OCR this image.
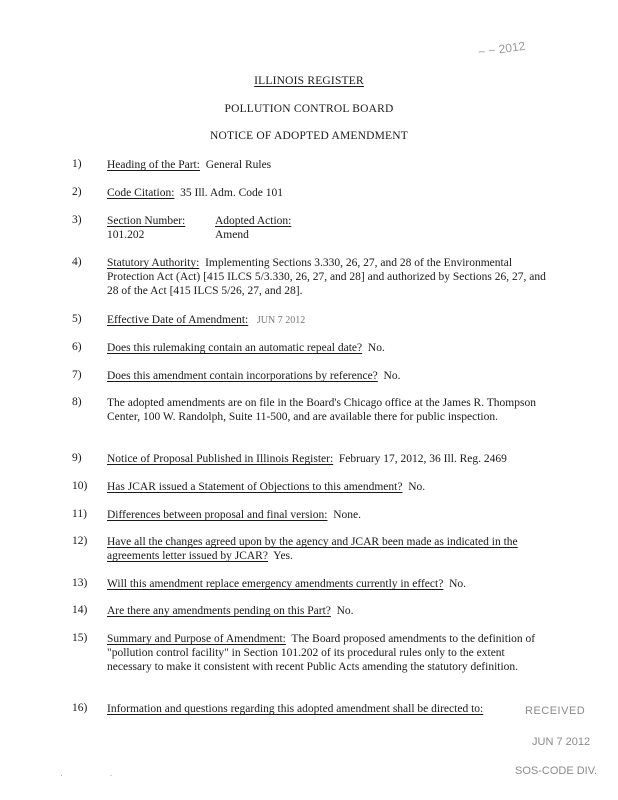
~ ~ 2012
ILLINOIS REGISTER
POLLUTION CONTROL BOARD
NOTICE OF ADOPTED AMENDMENT
1)	Heading of the Part: General Rules
2)	Code Citation: 35 Ill. Adm. Code 101
3)	Section Number:
101.202
Adopted Action:
Amend
4)	Statutory Authority: Implementing Sections 3.330, 26, 27, and 28 of the Environmental Protection Act (Act) [415 ILCS 5/3.330, 26, 27, and 28] and authorized by Sections 26, 27, and 28 of the Act [415 ILCS 5/26, 27, and 28].
5)	Effective Date of Amendment: JUN 7 2012
6)	Does this rulemaking contain an automatic repeal date? No.
7)	Does this amendment contain incorporations by reference? No.
8)	The adopted amendments are on file in the Board's Chicago office at the James R. Thompson Center, 100 W. Randolph, Suite 11-500, and are available there for public inspection.
9)	Notice of Proposal Published in Illinois Register: February 17, 2012, 36 Ill. Reg. 2469
10)	Has JCAR issued a Statement of Objections to this amendment? No.
11)	Differences between proposal and final version: None.
12)	Have all the changes agreed upon by the agency and JCAR been made as indicated in the agreements letter issued by JCAR? Yes.
13)	Will this amendment replace emergency amendments currently in effect? No.
14)	Are there any amendments pending on this Part? No.
15)	Summary and Purpose of Amendment: The Board proposed amendments to the definition of "pollution control facility" in Section 101.202 of its procedural rules only to the extent necessary to make it consistent with recent Public Acts amending the statutory definition.
16)	Information and questions regarding this adopted amendment shall be directed to:	RECEIVED
JUN 7 2012
SOS-CODE DIV.
. .
